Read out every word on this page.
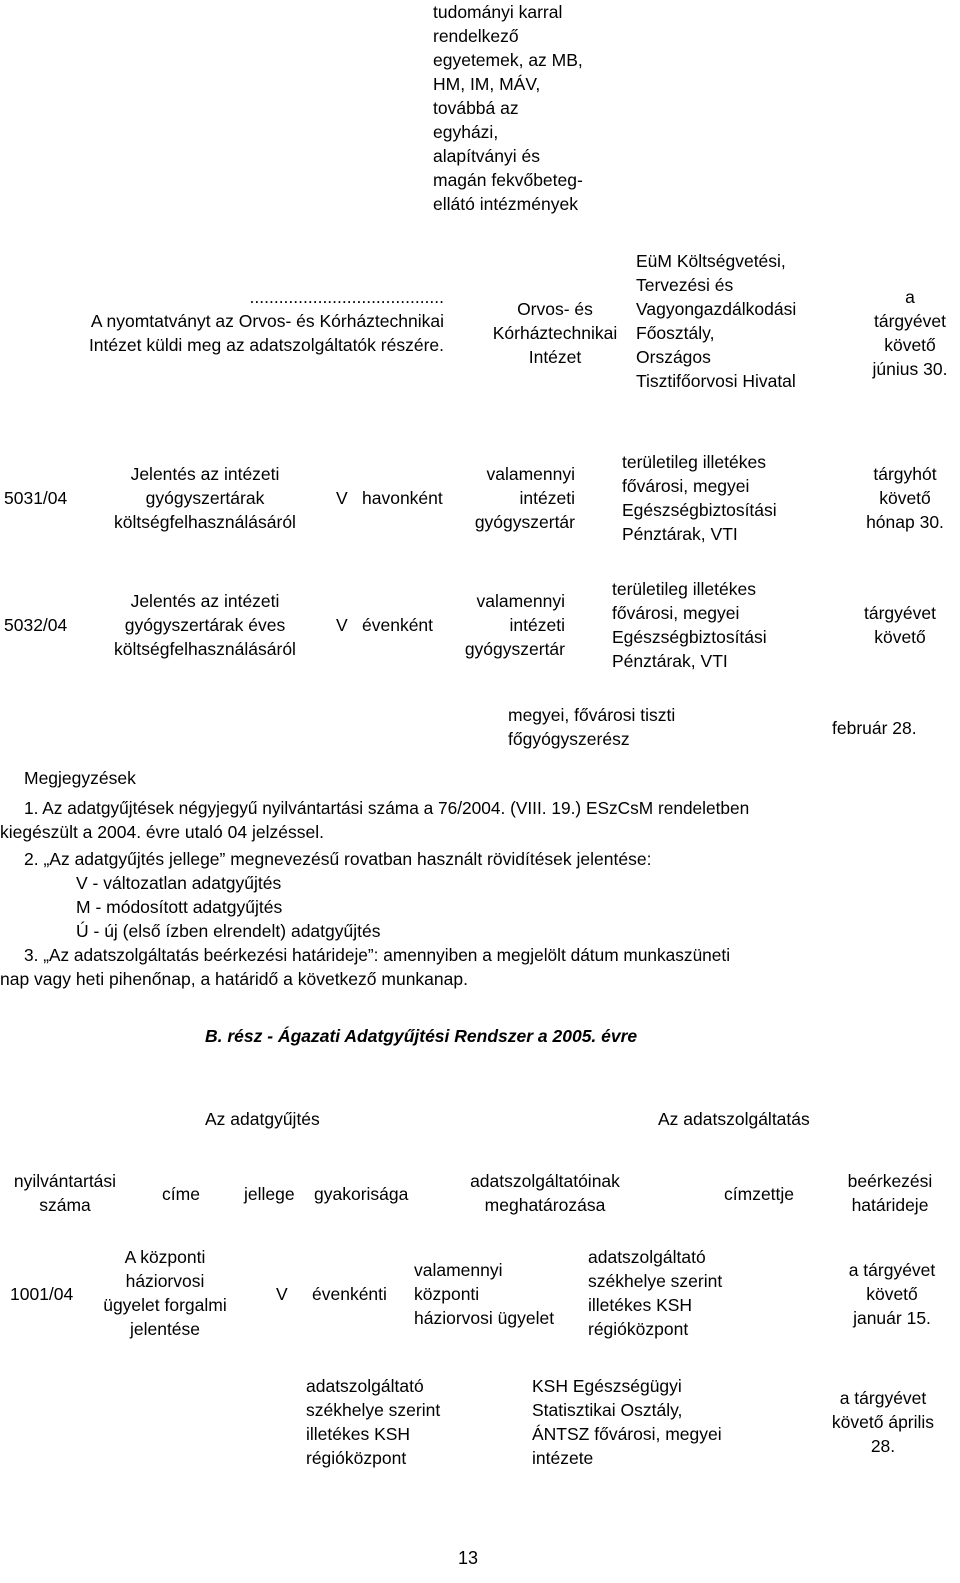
tudományi karral
rendelkező
egyetemek, az MB,
HM, IM, MÁV,
továbbá az
egyházi,
alapítványi és
magán fekvőbeteg-
ellátó intézmények
........................................
A nyomtatványt az Orvos- és Kórháztechnikai
Intézet küldi meg az adatszolgáltatók részére.
Orvos- és
Kórháztechnikai
Intézet
EüM Költségvetési,
Tervezési és
Vagyongazdálkodási
Főosztály,
Országos
Tisztifőorvosi Hivatal
a
tárgyévet
követő
június 30.
5031/04
Jelentés az intézeti
gyógyszertárak
költségfelhasználásáról
V havonként
valamennyi
intézeti
gyógyszertár
területileg illetékes
fővárosi, megyei
Egészségbiztosítási
Pénztárak, VTI
tárgyhót
követő
hónap 30.
5032/04
Jelentés az intézeti
gyógyszertárak éves
költségfelhasználásáról
V évenként
valamennyi
intézeti
gyógyszertár
területileg illetékes
fővárosi, megyei
Egészségbiztosítási
Pénztárak, VTI
tárgyévet
követő
megyei, fővárosi tiszti
főgyógyszerész
február 28.
Megjegyzések
1. Az adatgyűjtések négyjegyű nyilvántartási száma a 76/2004. (VIII. 19.) ESzCsM rendeletben
kiegészült a 2004. évre utaló 04 jelzéssel.
2. „Az adatgyűjtés jellege” megnevezésű rovatban használt rövidítések jelentése:
V - változatlan adatgyűjtés
M - módosított adatgyűjtés
Ú - új (első ízben elrendelt) adatgyűjtés
3. „Az adatszolgáltatás beérkezési határideje”: amennyiben a megjelölt dátum munkaszüneti
nap vagy heti pihenőnap, a határidő a következő munkanap.
B. rész - Ágazati Adatgyűjtési Rendszer a 2005. évre
Az adatgyűjtés	Az adatszolgáltatás
nyilvántartási
száma
címe	jellege gyakorisága
adatszolgáltatóinak
meghatározása
címzettje
beérkezési
határideje
1001/04
A központi
háziorvosi
ügyelet forgalmi
jelentése
V évenkénti
valamennyi
központi
háziorvosi ügyelet
adatszolgáltató
székhelye szerint
illetékes KSH
régióközpont
a tárgyévet
követő
január 15.
adatszolgáltató
székhelye szerint
illetékes KSH
régióközpont
KSH Egészségügyi
Statisztikai Osztály,
ÁNTSZ fővárosi, megyei
intézete
a tárgyévet
követő április
28.
13
